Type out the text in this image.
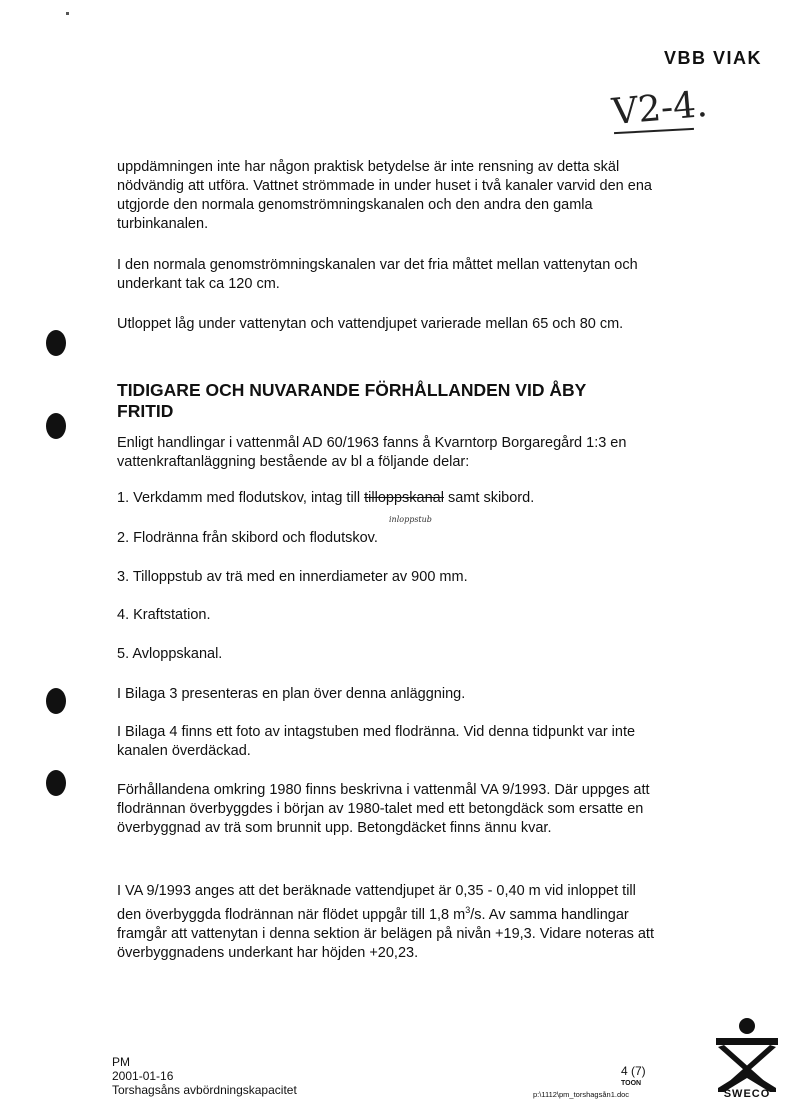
VBB VIAK
V2-4.

uppdämningen inte har någon praktisk betydelse är inte rensning av detta skäl nödvändig att utföra. Vattnet strömmade in under huset i två kanaler varvid den ena utgjorde den normala genomströmningskanalen och den andra den gamla turbinkanalen.

I den normala genomströmningskanalen var det fria måttet mellan vattenytan och underkant tak ca 120 cm.

Utloppet låg under vattenytan och vattendjupet varierade mellan 65 och 80 cm.

TIDIGARE OCH NUVARANDE FÖRHÅLLANDEN VID ÅBY FRITID

Enligt handlingar i vattenmål AD 60/1963 fanns å Kvarntorp Borgaregård 1:3 en vattenkraftanläggning bestående av bl a följande delar:

1. Verkdamm med flodutskov, intag till tilloppskanal samt skibord.
2. Flodränna från skibord och flodutskov.
3. Tilloppstub av trä med en innerdiameter av 900 mm.
4. Kraftstation.
5. Avloppskanal.
inloppstub

I Bilaga 3 presenteras en plan över denna anläggning.

I Bilaga 4 finns ett foto av intagstuben med flodränna. Vid denna tidpunkt var inte kanalen överdäckad.

Förhållandena omkring 1980 finns beskrivna i vattenmål VA 9/1993. Där uppges att flodrännan överbyggdes i början av 1980-talet med ett betongdäck som ersatte en överbyggnad av trä som brunnit upp. Betongdäcket finns ännu kvar.

I VA 9/1993 anges att det beräknade vattendjupet är 0,35 - 0,40 m vid inloppet till den överbyggda flodrännan när flödet uppgår till 1,8 $m^3/s$. Av samma handlingar framgår att vattenytan i denna sektion är belägen på nivån +19,3. Vidare noteras att överbyggnadens underkant har höjden +20,23.

PM
2001-01-16
Torshagsåns avbördningskapacitet
4 (7)
TOON
p:\1112\pm_torshagsån1.doc	SWECO
